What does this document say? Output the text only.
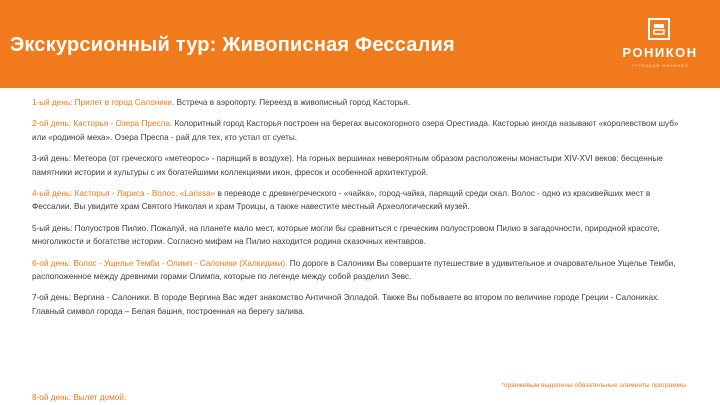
Экскурсионный тур: Живописная Фессалия	РОНИКОН
ТУРЕЦКАЯ МАЗИНЕС

1-ый день: Прилет в город Салоники. Встреча в аэропорту. Переезд в живописный город Касторья.

2-ой день: Касторья - Озера Пресла. Колоритный город Касторья построен на берегах высокогорного озера Орестиада. Касторью иногда называют «королевством шуб» или «родиной меха». Озера Преспа - рай для тех, кто устал от суеты.

3-ий день: Метеора (от греческого «метеорос» - парящий в воздухе). На горных вершинах невероятным образом расположены монастыри XIV-XVI веков: бесценные памятники истории и культуры с их богатейшими коллекциями икон, фресок и особенной архитектурой.

4-ый день: Касторья - Лариса - Волос. «Larissa» в переводе с древнегреческого - «чайка», город-чайка, парящий среди скал. Волос - одно из красивейших мест в Фессалии. Вы увидите храм Святого Николая и храм Троицы, а также навестите местный Археологический музей.

5-ый день: Полуостров Пилио. Пожалуй, на планете мало мест, которые могли бы сравниться с греческим полуостровом Пилио в загадочности, природной красоте, многоликости и богатстве истории. Согласно мифам на Пилио находится родина сказочных кентавров.

6-ой день: Волос - Ущелье Темби - Олимп - Салоники (Халкидики). По дороге в Салоники Вы совершите путешествие в удивительное и очаровательное Ущелье Темби, расположенное между древними горами Олимпа, которые по легенде между собой разделил Зевс.

7-ой день: Вергина - Салоники. В городе Вергина Вас ждет знакомство Античной Элладой. Также Вы побываете во втором по величине городе Греции - Салониках. Главный символ города – Белая башня, построенная на берегу залива.

*оранжевым выделены обязательные элементы программы
8-ой день: Вылет домой.
